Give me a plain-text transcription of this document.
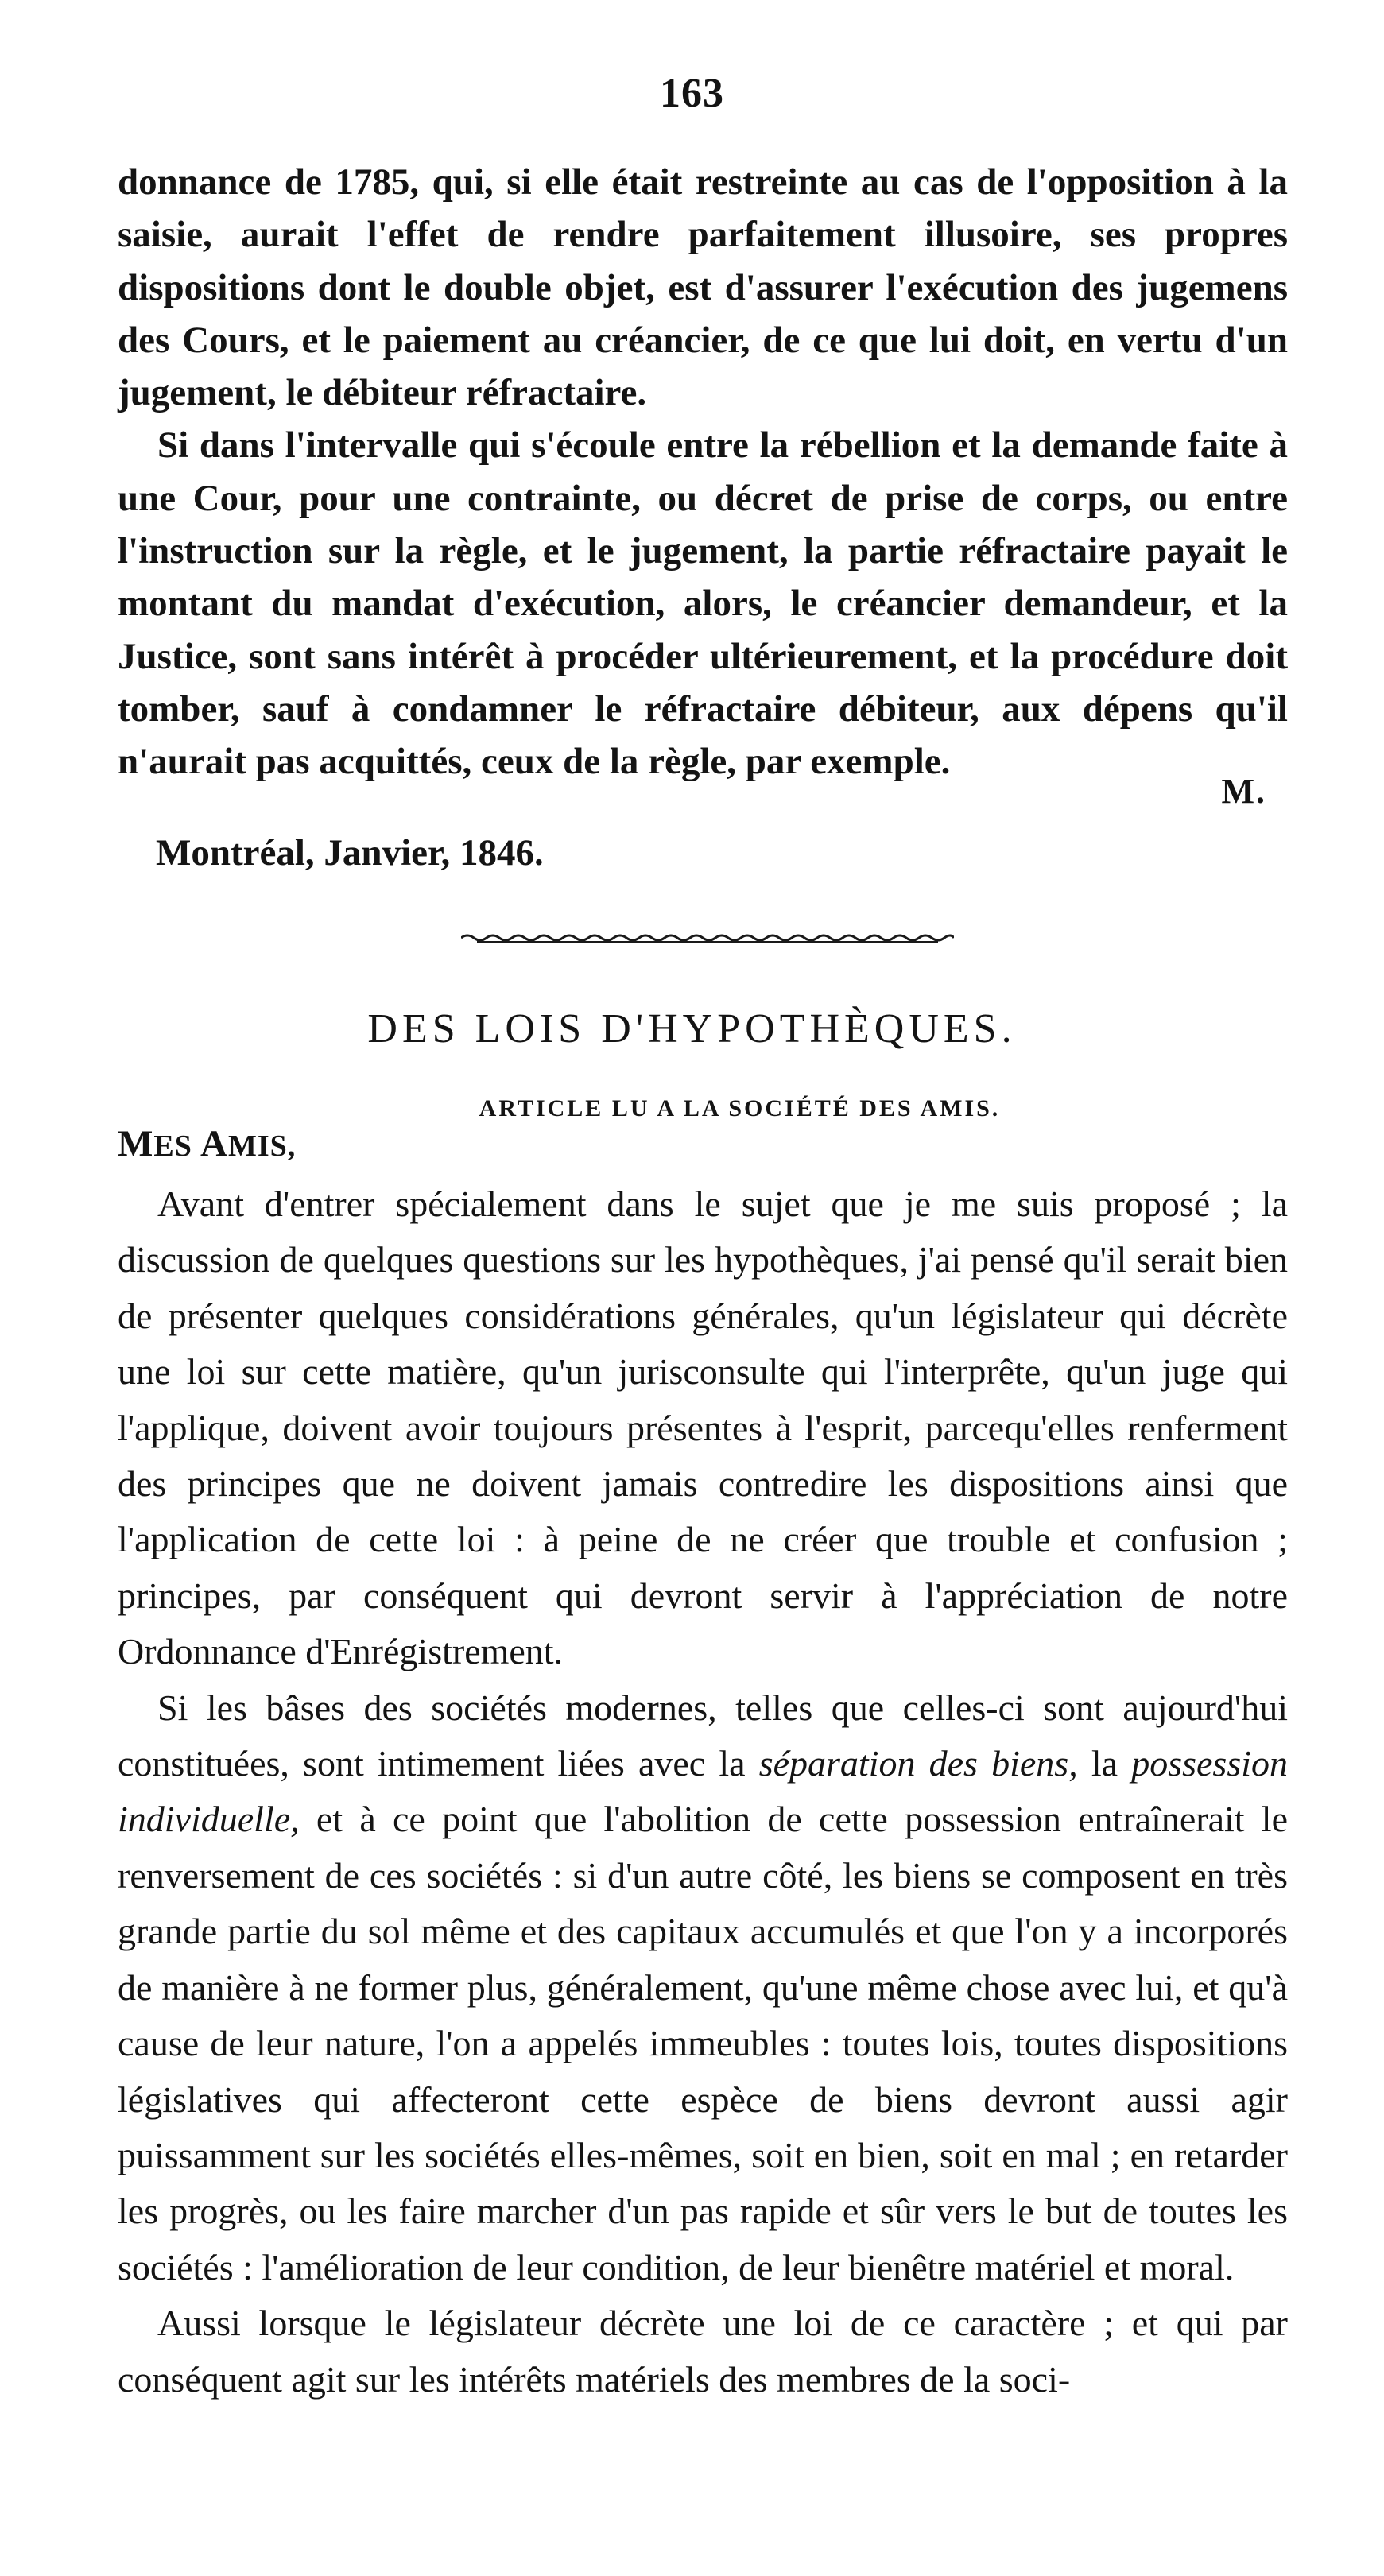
163

donnance de 1785, qui, si elle était restreinte au cas de l'opposition à la saisie, aurait l'effet de rendre parfaitement illusoire, ses propres dispositions dont le double objet, est d'assurer l'exécution des jugemens des Cours, et le paiement au créancier, de ce que lui doit, en vertu d'un jugement, le débiteur réfractaire.

Si dans l'intervalle qui s'écoule entre la rébellion et la demande faite à une Cour, pour une contrainte, ou décret de prise de corps, ou entre l'instruction sur la règle, et le jugement, la partie réfractaire payait le montant du mandat d'exécution, alors, le créancier demandeur, et la Justice, sont sans intérêt à procéder ultérieurement, et la procédure doit tomber, sauf à condamner le réfractaire débiteur, aux dépens qu'il n'aurait pas acquittés, ceux de la règle, par exemple.

M.
Montréal, Janvier, 1846.
DES LOIS D'HYPOTHÈQUES.
ARTICLE LU A LA SOCIÉTÉ DES AMIS.
MES AMIS,

Avant d'entrer spécialement dans le sujet que je me suis proposé ; la discussion de quelques questions sur les hypothèques, j'ai pensé qu'il serait bien de présenter quelques considérations générales, qu'un législateur qui décrète une loi sur cette matière, qu'un jurisconsulte qui l'interprête, qu'un juge qui l'applique, doivent avoir toujours présentes à l'esprit, parcequ'elles renferment des principes que ne doivent jamais contredire les dispositions ainsi que l'application de cette loi : à peine de ne créer que trouble et confusion ; principes, par conséquent qui devront servir à l'appréciation de notre Ordonnance d'Enrégistrement.

Si les bâses des sociétés modernes, telles que celles-ci sont aujourd'hui constituées, sont intimement liées avec la séparation des biens, la possession individuelle, et à ce point que l'abolition de cette possession entraînerait le renversement de ces sociétés : si d'un autre côté, les biens se composent en très grande partie du sol même et des capitaux accumulés et que l'on y a incorporés de manière à ne former plus, généralement, qu'une même chose avec lui, et qu'à cause de leur nature, l'on a appelés immeubles : toutes lois, toutes dispositions législatives qui affecteront cette espèce de biens devront aussi agir puissamment sur les sociétés elles-mêmes, soit en bien, soit en mal ; en retarder les progrès, ou les faire marcher d'un pas rapide et sûr vers le but de toutes les sociétés : l'amélioration de leur condition, de leur bienêtre matériel et moral.

Aussi lorsque le législateur décrète une loi de ce caractère ; et qui par conséquent agit sur les intérêts matériels des membres de la soci-
